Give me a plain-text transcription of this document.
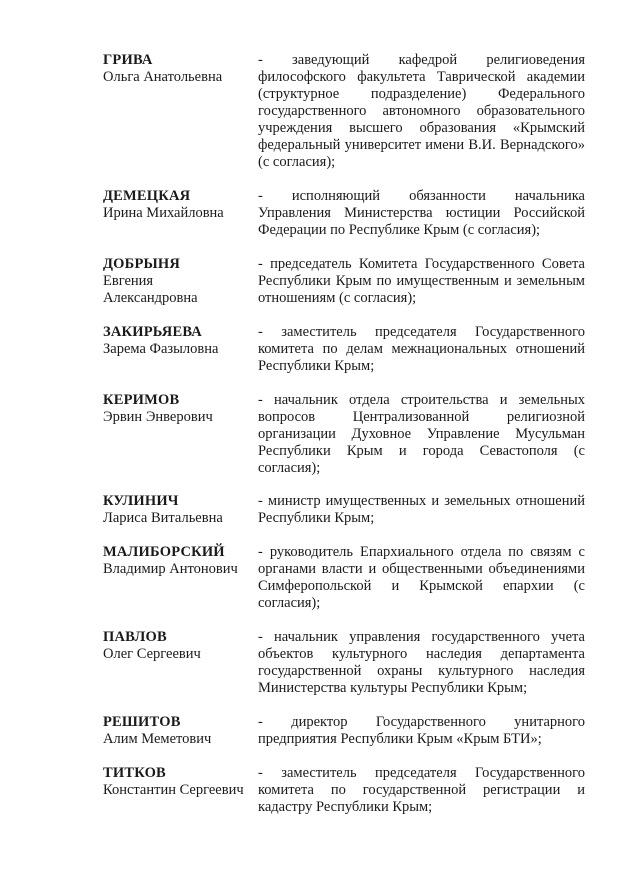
ГРИВА
Ольга Анатольевна
- заведующий кафедрой религиоведения философского факультета Таврической академии (структурное подразделение) Федерального государственного автономного образовательного учреждения высшего образования «Крымский федеральный университет имени В.И. Вернадского» (с согласия);
ДЕМЕЦКАЯ
Ирина Михайловна
- исполняющий обязанности начальника Управления Министерства юстиции Российской Федерации по Республике Крым (с согласия);
ДОБРЫНЯ
Евгения
Александровна
- председатель Комитета Государственного Совета Республики Крым по имущественным и земельным отношениям (с согласия);
ЗАКИРЬЯЕВА
Зарема Фазыловна
- заместитель председателя Государственного комитета по делам межнациональных отношений Республики Крым;
КЕРИМОВ
Эрвин Энверович
- начальник отдела строительства и земельных вопросов Централизованной религиозной организации Духовное Управление Мусульман Республики Крым и города Севастополя (с согласия);
КУЛИНИЧ
Лариса Витальевна
- министр имущественных и земельных отношений Республики Крым;
МАЛИБОРСКИЙ
Владимир Антонович
- руководитель Епархиального отдела по связям с органами власти и общественными объединениями Симферопольской и Крымской епархии (с согласия);
ПАВЛОВ
Олег Сергеевич
- начальник управления государственного учета объектов культурного наследия департамента государственной охраны культурного наследия Министерства культуры Республики Крым;
РЕШИТОВ
Алим Меметович
- директор Государственного унитарного предприятия Республики Крым «Крым БТИ»;
ТИТКОВ
Константин Сергеевич
- заместитель председателя Государственного комитета по государственной регистрации и кадастру Республики Крым;
